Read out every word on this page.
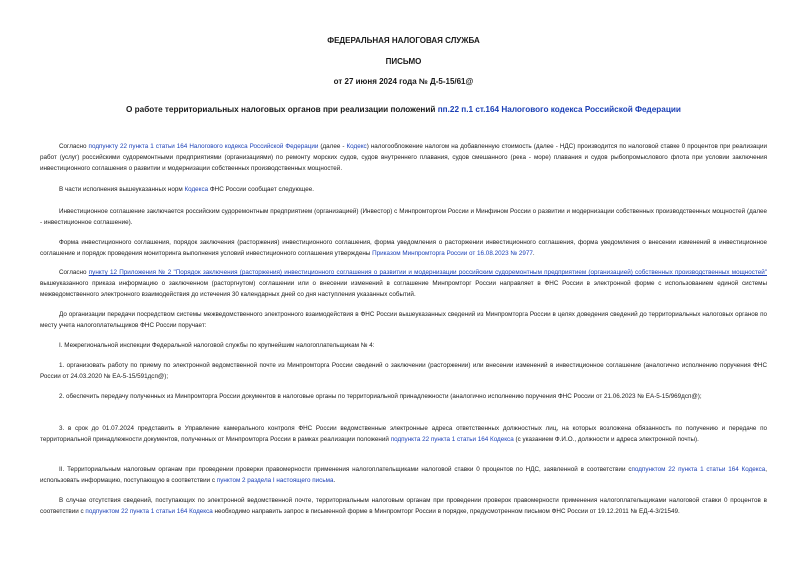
ФЕДЕРАЛЬНАЯ НАЛОГОВАЯ СЛУЖБА
ПИСЬМО
от 27 июня 2024 года № Д-5-15/61@
О работе территориальных налоговых органов при реализации положений пп.22 п.1 ст.164 Налогового кодекса Российской Федерации
Согласно подпункту 22 пункта 1 статьи 164 Налогового кодекса Российской Федерации (далее - Кодекс) налогообложение налогом на добавленную стоимость (далее - НДС) производится по налоговой ставке 0 процентов при реализации работ (услуг) российскими судоремонтными предприятиями (организациями) по ремонту морских судов, судов внутреннего плавания, судов смешанного (река - море) плавания и судов рыбопромыслового флота при условии заключения инвестиционного соглашения о развитии и модернизации собственных производственных мощностей.
В части исполнения вышеуказанных норм Кодекса ФНС России сообщает следующее.
Инвестиционное соглашение заключается российским судоремонтным предприятием (организацией) (Инвестор) с Минпромторгом России и Минфином России о развитии и модернизации собственных производственных мощностей (далее - инвестиционное соглашение).
Форма инвестиционного соглашения, порядок заключения (расторжения) инвестиционного соглашения, форма уведомления о расторжении инвестиционного соглашения, форма уведомления о внесении изменений в инвестиционное соглашение и порядок проведения мониторинга выполнения условий инвестиционного соглашения утверждены Приказом Минпромторга России от 16.08.2023 № 2977.
Согласно пункту 12 Приложения № 2 "Порядок заключения (расторжения) инвестиционного соглашения о развитии и модернизации российским судоремонтным предприятием (организацией) собственных производственных мощностей" вышеуказанного приказа информацию о заключенном (расторгнутом) соглашении или о внесении изменений в соглашение Минпромторг России направляет в ФНС России в электронной форме с использованием единой системы межведомственного электронного взаимодействия до истечения 30 календарных дней со дня наступления указанных событий.
До организации передачи посредством системы межведомственного электронного взаимодействия в ФНС России вышеуказанных сведений из Минпромторга России в целях доведения сведений до территориальных налоговых органов по месту учета налогоплательщиков ФНС России поручает:
I. Межрегиональной инспекции Федеральной налоговой службы по крупнейшим налогоплательщикам № 4:
1. организовать работу по приему по электронной ведомственной почте из Минпромторга России сведений о заключении (расторжении) или внесении изменений в инвестиционное соглашение (аналогично исполнению поручения ФНС России от 24.03.2020 № ЕА-5-15/591дсп@);
2. обеспечить передачу полученных из Минпромторга России документов в налоговые органы по территориальной принадлежности (аналогично исполнению поручения ФНС России от 21.06.2023 № ЕА-5-15/969дсп@);
3. в срок до 01.07.2024 представить в Управление камерального контроля ФНС России ведомственные электронные адреса ответственных должностных лиц, на которых возложена обязанность по получению и передаче по территориальной принадлежности документов, полученных от Минпромторга России в рамках реализации положений подпункта 22 пункта 1 статьи 164 Кодекса (с указанием Ф.И.О., должности и адреса электронной почты).
II. Территориальным налоговым органам при проведении проверки правомерности применения налогоплательщиками налоговой ставки 0 процентов по НДС, заявленной в соответствии сподпунктом 22 пункта 1 статьи 164 Кодекса, использовать информацию, поступающую в соответствии с пунктом 2 раздела I настоящего письма.
В случае отсутствия сведений, поступающих по электронной ведомственной почте, территориальным налоговым органам при проведении проверок правомерности применения налогоплательщиками налоговой ставки 0 процентов в соответствии с подпунктом 22 пункта 1 статьи 164 Кодекса необходимо направить запрос в письменной форме в Минпромторг России в порядке, предусмотренном письмом ФНС России от 19.12.2011 № ЕД-4-3/21549.
